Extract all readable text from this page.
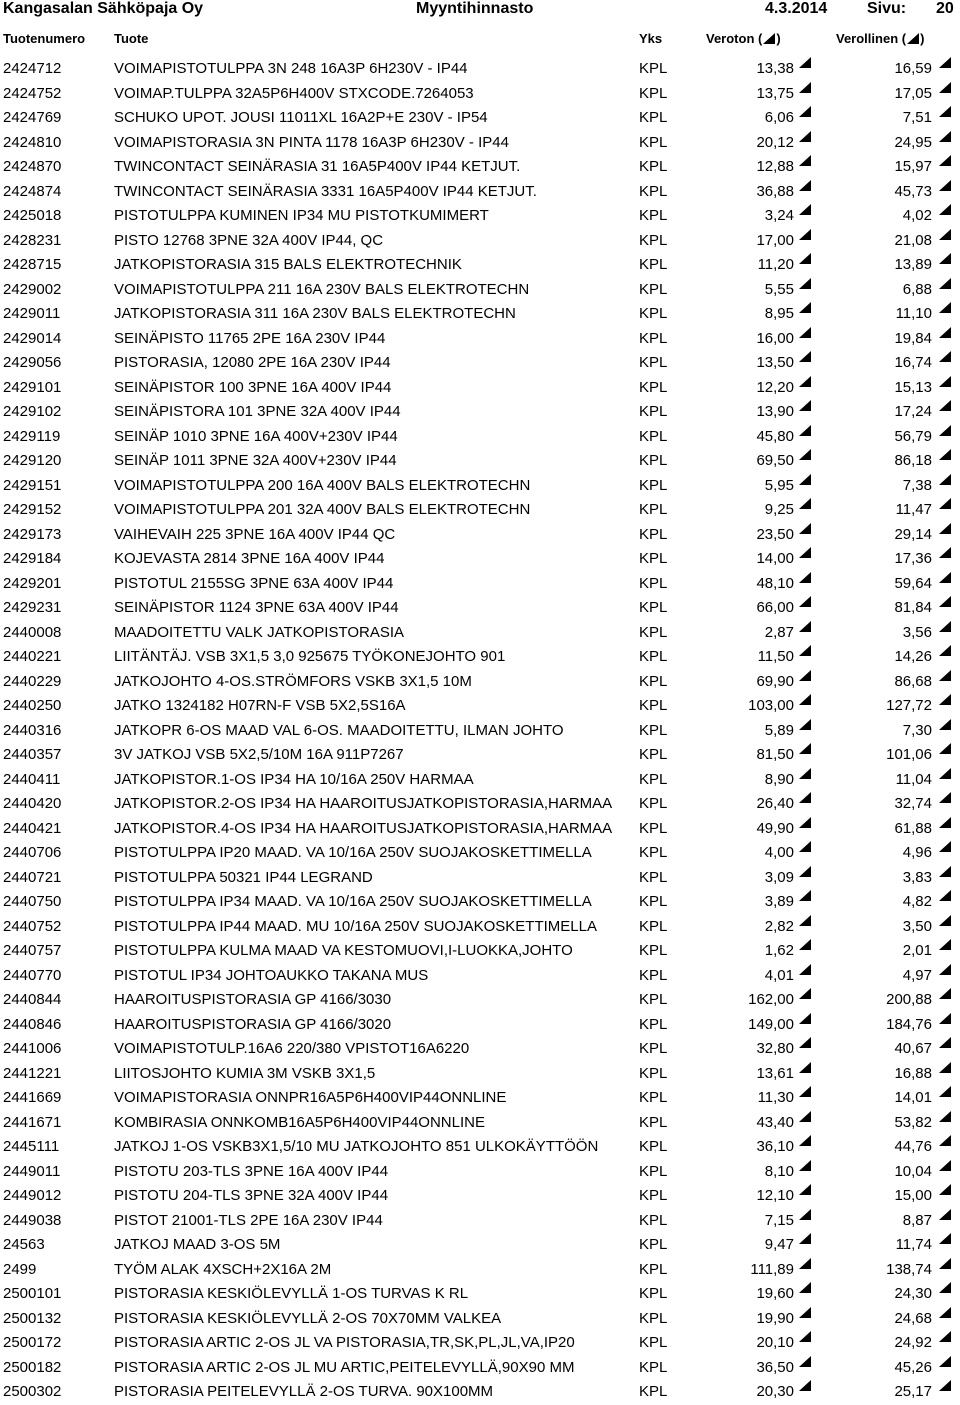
Kangasalan Sähköpaja Oy	Myyntihinnasto	4.3.2014 Sivu: 20
Tuotenumero Tuote	Yks	Veroton ( )	Verollinen ( )
2424712	VOIMAPISTOTULPPA 3N 248 16A3P 6H230V - IP44	KPL	13,38	16,59
2424752	VOIMAP.TULPPA 32A5P6H400V STXCODE.7264053	KPL	13,75	17,05
2424769	SCHUKO UPOT. JOUSI 11011XL 16A2P+E 230V - IP54	KPL	6,06	7,51
2424810	VOIMAPISTORASIA 3N PINTA 1178 16A3P 6H230V - IP44	KPL	20,12	24,95
2424870	TWINCONTACT SEINÄRASIA 31 16A5P400V IP44 KETJUT.	KPL	12,88	15,97
2424874	TWINCONTACT SEINÄRASIA 3331 16A5P400V IP44 KETJUT.	KPL	36,88	45,73
2425018	PISTOTULPPA KUMINEN IP34 MU PISTOTKUMIMERT	KPL	3,24	4,02
2428231	PISTO 12768 3PNE 32A 400V IP44, QC	KPL	17,00	21,08
2428715	JATKOPISTORASIA 315 BALS ELEKTROTECHNIK	KPL	11,20	13,89
2429002	VOIMAPISTOTULPPA 211 16A 230V BALS ELEKTROTECHN	KPL	5,55	6,88
2429011	JATKOPISTORASIA 311 16A 230V BALS ELEKTROTECHN	KPL	8,95	11,10
2429014	SEINÄPISTO 11765 2PE 16A 230V IP44	KPL	16,00	19,84
2429056	PISTORASIA, 12080 2PE 16A 230V IP44	KPL	13,50	16,74
2429101	SEINÄPISTOR 100 3PNE 16A 400V IP44	KPL	12,20	15,13
2429102	SEINÄPISTORA 101 3PNE 32A 400V IP44	KPL	13,90	17,24
2429119	SEINÄP 1010 3PNE 16A 400V+230V IP44	KPL	45,80	56,79
2429120	SEINÄP 1011 3PNE 32A 400V+230V IP44	KPL	69,50	86,18
2429151	VOIMAPISTOTULPPA 200 16A 400V BALS ELEKTROTECHN	KPL	5,95	7,38
2429152	VOIMAPISTOTULPPA 201 32A 400V BALS ELEKTROTECHN	KPL	9,25	11,47
2429173	VAIHEVAIH 225 3PNE 16A 400V IP44 QC	KPL	23,50	29,14
2429184	KOJEVASTA 2814 3PNE 16A 400V IP44	KPL	14,00	17,36
2429201	PISTOTUL 2155SG 3PNE 63A 400V IP44	KPL	48,10	59,64
2429231	SEINÄPISTOR 1124 3PNE 63A 400V IP44	KPL	66,00	81,84
2440008	MAADOITETTU VALK JATKOPISTORASIA	KPL	2,87	3,56
2440221	LIITÄNTÄJ. VSB 3X1,5 3,0 925675 TYÖKONEJOHTO 901	KPL	11,50	14,26
2440229	JATKOJOHTO 4-OS.STRÖMFORS VSKB 3X1,5 10M	KPL	69,90	86,68
2440250	JATKO 1324182 H07RN-F VSB 5X2,5S16A	KPL	103,00	127,72
2440316	JATKOPR 6-OS MAAD VAL 6-OS. MAADOITETTU, ILMAN JOHTO	KPL	5,89	7,30
2440357	3V JATKOJ VSB 5X2,5/10M 16A 911P7267	KPL	81,50	101,06
2440411	JATKOPISTOR.1-OS IP34 HA 10/16A 250V HARMAA	KPL	8,90	11,04
2440420	JATKOPISTOR.2-OS IP34 HA HAAROITUSJATKOPISTORASIA,HARMAA	KPL	26,40	32,74
2440421	JATKOPISTOR.4-OS IP34 HA HAAROITUSJATKOPISTORASIA,HARMAA	KPL	49,90	61,88
2440706	PISTOTULPPA IP20 MAAD. VA 10/16A 250V SUOJAKOSKETTIMELLA	KPL	4,00	4,96
2440721	PISTOTULPPA 50321 IP44 LEGRAND	KPL	3,09	3,83
2440750	PISTOTULPPA IP34 MAAD. VA 10/16A 250V SUOJAKOSKETTIMELLA	KPL	3,89	4,82
2440752	PISTOTULPPA IP44 MAAD. MU 10/16A 250V SUOJAKOSKETTIMELLA	KPL	2,82	3,50
2440757	PISTOTULPPA KULMA MAAD VA KESTOMUOVI,I-LUOKKA,JOHTO	KPL	1,62	2,01
2440770	PISTOTUL IP34 JOHTOAUKKO TAKANA MUS	KPL	4,01	4,97
2440844	HAAROITUSPISTORASIA GP 4166/3030	KPL	162,00	200,88
2440846	HAAROITUSPISTORASIA GP 4166/3020	KPL	149,00	184,76
2441006	VOIMAPISTOTULP.16A6 220/380 VPISTOT16A6220	KPL	32,80	40,67
2441221	LIITOSJOHTO KUMIA 3M VSKB 3X1,5	KPL	13,61	16,88
2441669	VOIMAPISTORASIA ONNPR16A5P6H400VIP44ONNLINE	KPL	11,30	14,01
2441671	KOMBIRASIA ONNKOMB16A5P6H400VIP44ONNLINE	KPL	43,40	53,82
2445111	JATKOJ 1-OS VSKB3X1,5/10 MU JATKOJOHTO 851 ULKOKÄYTTÖÖN	KPL	36,10	44,76
2449011	PISTOTU 203-TLS 3PNE 16A 400V IP44	KPL	8,10	10,04
2449012	PISTOTU 204-TLS 3PNE 32A 400V IP44	KPL	12,10	15,00
2449038	PISTOT 21001-TLS 2PE 16A 230V IP44	KPL	7,15	8,87
24563	JATKOJ MAAD 3-OS 5M	KPL	9,47	11,74
2499	TYÖM ALAK 4XSCH+2X16A 2M	KPL	111,89	138,74
2500101	PISTORASIA KESKIÖLEVYLLÄ 1-OS TURVAS K RL	KPL	19,60	24,30
2500132	PISTORASIA KESKIÖLEVYLLÄ 2-OS 70X70MM VALKEA	KPL	19,90	24,68
2500172	PISTORASIA ARTIC 2-OS JL VA PISTORASIA,TR,SK,PL,JL,VA,IP20	KPL	20,10	24,92
2500182	PISTORASIA ARTIC 2-OS JL MU ARTIC,PEITELEVYLLÄ,90X90 MM	KPL	36,50	45,26
2500302	PISTORASIA PEITELEVYLLÄ 2-OS TURVA. 90X100MM	KPL	20,30	25,17
